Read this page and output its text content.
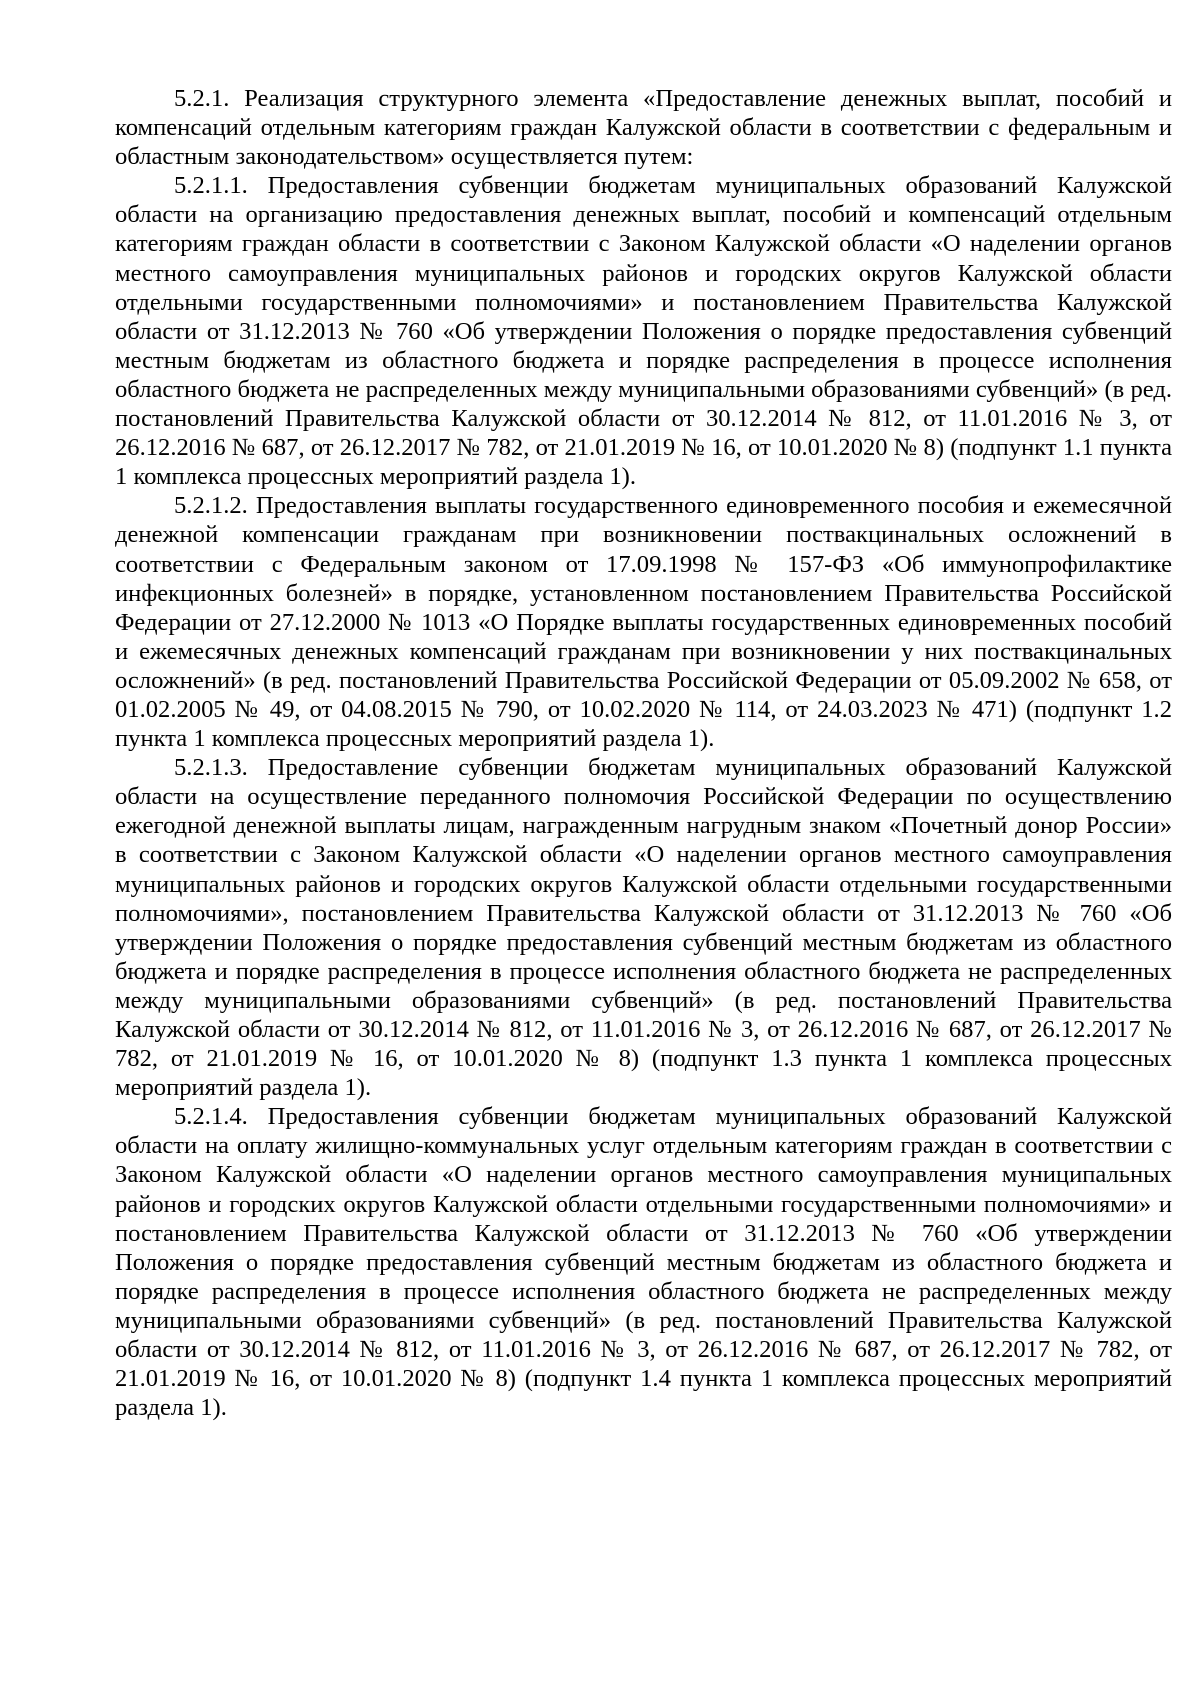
5.2.1. Реализация структурного элемента «Предоставление денежных выплат, пособий и компенсаций отдельным категориям граждан Калужской области в соответствии с федеральным и областным законодательством» осуществляется путем:

5.2.1.1. Предоставления субвенции бюджетам муниципальных образований Калужской области на организацию предоставления денежных выплат, пособий и компенсаций отдельным категориям граждан области в соответствии с Законом Калужской области «О наделении органов местного самоуправления муниципальных районов и городских округов Калужской области отдельными государственными полномочиями» и постановлением Правительства Калужской области от 31.12.2013 № 760 «Об утверждении Положения о порядке предоставления субвенций местным бюджетам из областного бюджета и порядке распределения в процессе исполнения областного бюджета не распределенных между муниципальными образованиями субвенций» (в ред. постановлений Правительства Калужской области от 30.12.2014 № 812, от 11.01.2016 № 3, от 26.12.2016 № 687, от 26.12.2017 № 782, от 21.01.2019 № 16, от 10.01.2020 № 8) (подпункт 1.1 пункта 1 комплекса процессных мероприятий раздела 1).

5.2.1.2. Предоставления выплаты государственного единовременного пособия и ежемесячной денежной компенсации гражданам при возникновении поствакцинальных осложнений в соответствии с Федеральным законом от 17.09.1998 № 157-ФЗ «Об иммунопрофилактике инфекционных болезней» в порядке, установленном постановлением Правительства Российской Федерации от 27.12.2000 № 1013 «О Порядке выплаты государственных единовременных пособий и ежемесячных денежных компенсаций гражданам при возникновении у них поствакцинальных осложнений» (в ред. постановлений Правительства Российской Федерации от 05.09.2002 № 658, от 01.02.2005 № 49, от 04.08.2015 № 790, от 10.02.2020 № 114, от 24.03.2023 № 471) (подпункт 1.2 пункта 1 комплекса процессных мероприятий раздела 1).

5.2.1.3. Предоставление субвенции бюджетам муниципальных образований Калужской области на осуществление переданного полномочия Российской Федерации по осуществлению ежегодной денежной выплаты лицам, награжденным нагрудным знаком «Почетный донор России» в соответствии с Законом Калужской области «О наделении органов местного самоуправления муниципальных районов и городских округов Калужской области отдельными государственными полномочиями», постановлением Правительства Калужской области от 31.12.2013 № 760 «Об утверждении Положения о порядке предоставления субвенций местным бюджетам из областного бюджета и порядке распределения в процессе исполнения областного бюджета не распределенных между муниципальными образованиями субвенций» (в ред. постановлений Правительства Калужской области от 30.12.2014 № 812, от 11.01.2016 № 3, от 26.12.2016 № 687, от 26.12.2017 № 782, от 21.01.2019 № 16, от 10.01.2020 № 8) (подпункт 1.3 пункта 1 комплекса процессных мероприятий раздела 1).

5.2.1.4. Предоставления субвенции бюджетам муниципальных образований Калужской области на оплату жилищно-коммунальных услуг отдельным категориям граждан в соответствии с Законом Калужской области «О наделении органов местного самоуправления муниципальных районов и городских округов Калужской области отдельными государственными полномочиями» и постановлением Правительства Калужской области от 31.12.2013 № 760 «Об утверждении Положения о порядке предоставления субвенций местным бюджетам из областного бюджета и порядке распределения в процессе исполнения областного бюджета не распределенных между муниципальными образованиями субвенций» (в ред. постановлений Правительства Калужской области от 30.12.2014 № 812, от 11.01.2016 № 3, от 26.12.2016 № 687, от 26.12.2017 № 782, от 21.01.2019 № 16, от 10.01.2020 № 8) (подпункт 1.4 пункта 1 комплекса процессных мероприятий раздела 1).
